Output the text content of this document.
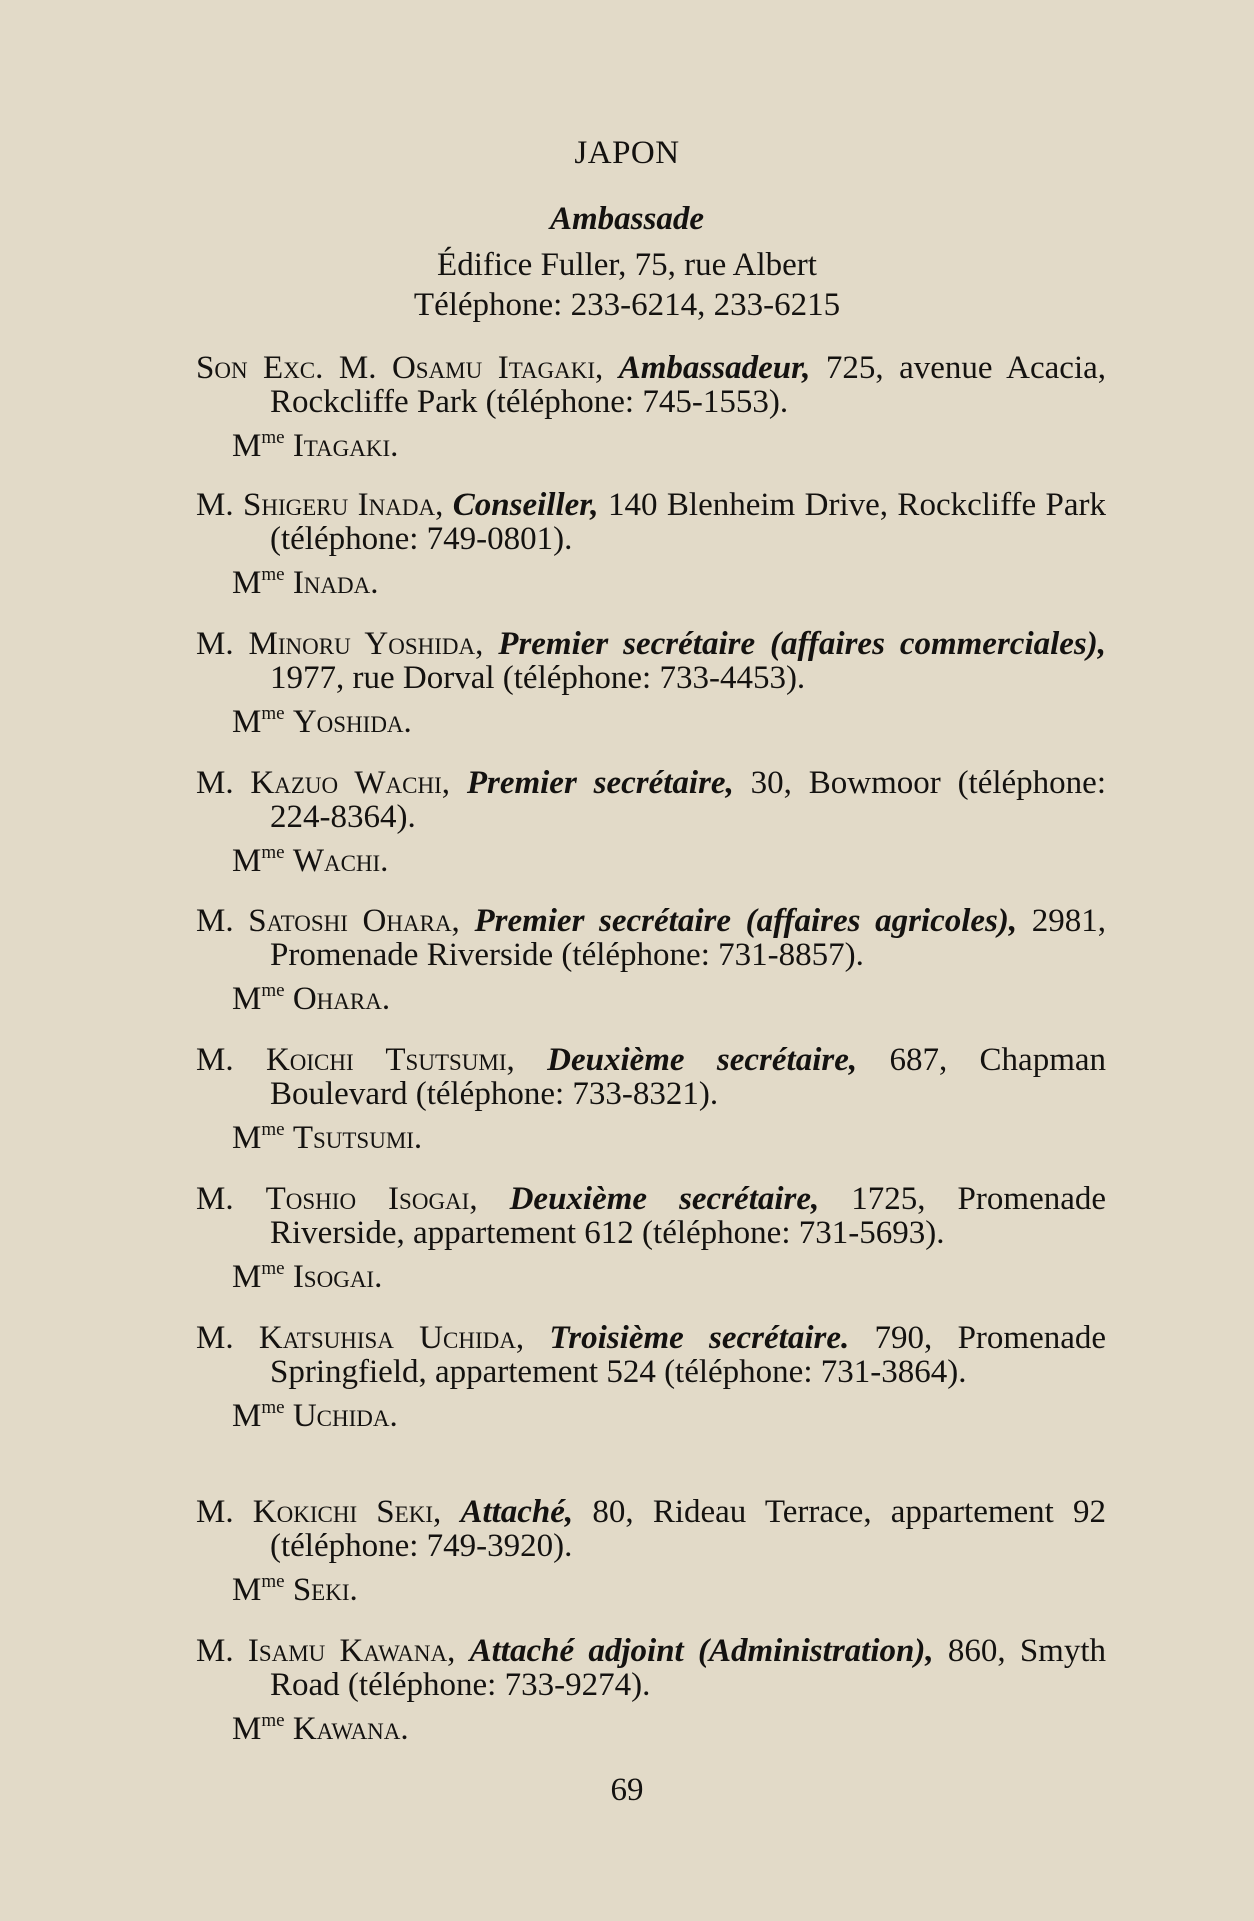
JAPON
Ambassade
Édifice Fuller, 75, rue Albert
Téléphone: 233-6214, 233-6215

Son Exc. M. Osamu Itagaki, Ambassadeur, 725, avenue Acacia, Rockcliffe Park (téléphone: 745-1553).

$M^{me}$ Itagaki.

M. Shigeru Inada, Conseiller, 140 Blenheim Drive, Rockcliffe Park (téléphone: 749-0801).

$M^{me}$ Inada.

M. Minoru Yoshida, Premier secrétaire (affaires commerciales), 1977, rue Dorval (téléphone: 733-4453).

$M^{me}$ Yoshida.

M. Kazuo Wachi, Premier secrétaire, 30, Bowmoor (téléphone: 224-8364).

$M^{me}$ Wachi.

M. Satoshi Ohara, Premier secrétaire (affaires agricoles), 2981, Promenade Riverside (téléphone: 731-8857).

$M^{me}$ Ohara.

M. Koichi Tsutsumi, Deuxième secrétaire, 687, Chapman Boulevard (téléphone: 733-8321).

$M^{me}$ Tsutsumi.

M. Toshio Isogai, Deuxième secrétaire, 1725, Promenade Riverside, appartement 612 (téléphone: 731-5693).

$M^{me}$ Isogai.

M. Katsuhisa Uchida, Troisième secrétaire. 790, Promenade Springfield, appartement 524 (téléphone: 731-3864).

$M^{me}$ Uchida.

M. Kokichi Seki, Attaché, 80, Rideau Terrace, appartement 92 (téléphone: 749-3920).

$M^{me}$ Seki.

M. Isamu Kawana, Attaché adjoint (Administration), 860, Smyth Road (téléphone: 733-9274).

$M^{me}$ Kawana.

69
